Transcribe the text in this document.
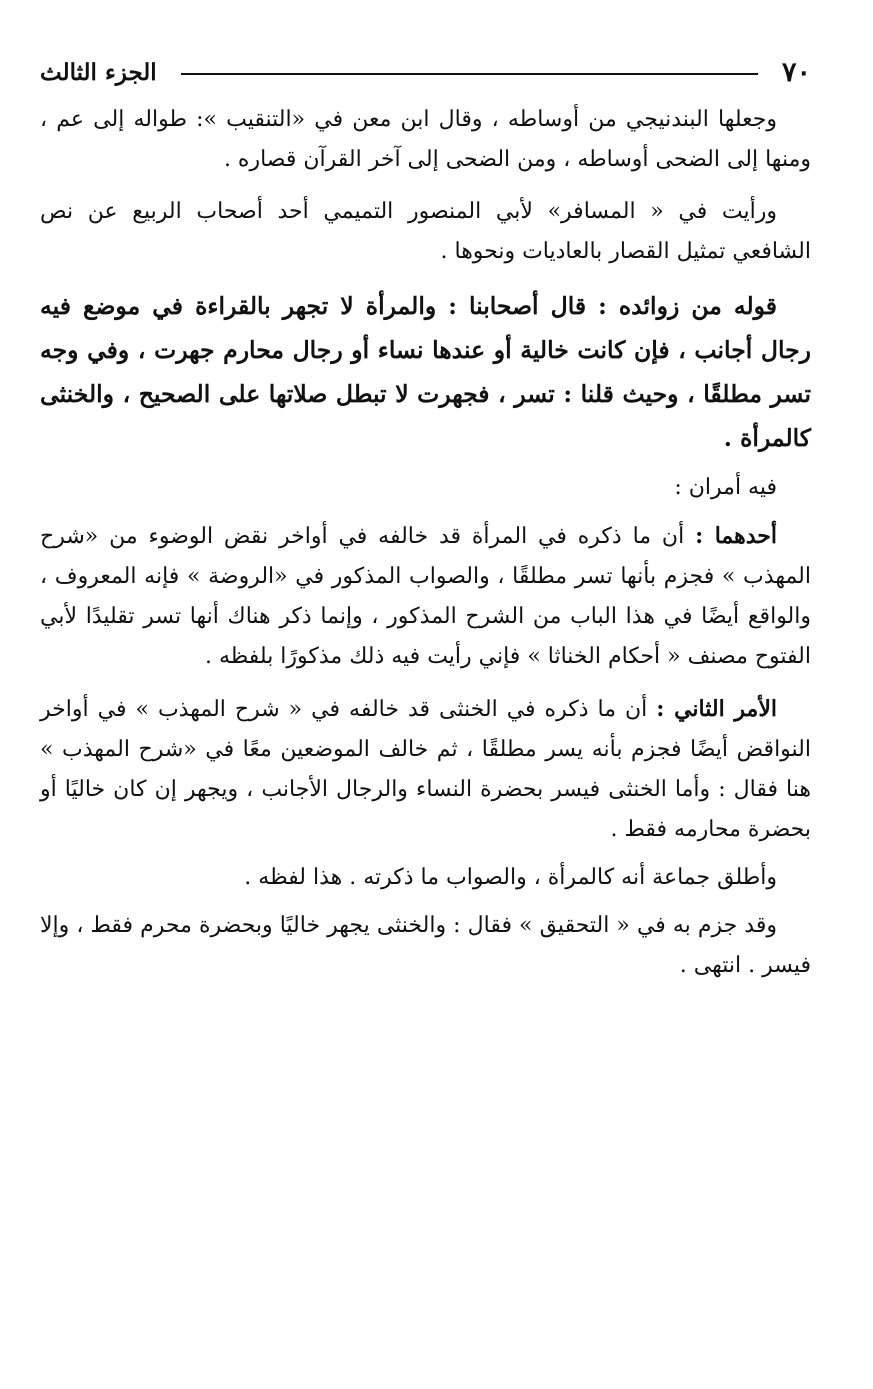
٧٠
الجزء الثالث

وجعلها البندنيجي من أوساطه ، وقال ابن معن في «التنقيب »: طواله إلى عم ، ومنها إلى الضحى أوساطه ، ومن الضحى إلى آخر القرآن قصاره .

ورأيت في « المسافر» لأبي المنصور التميمي أحد أصحاب الربيع عن نص الشافعي تمثيل القصار بالعاديات ونحوها .

قوله من زوائده : قال أصحابنا : والمرأة لا تجهر بالقراءة في موضع فيه رجال أجانب ، فإن كانت خالية أو عندها نساء أو رجال محارم جهرت ، وفي وجه تسر مطلقًا ، وحيث قلنا : تسر ، فجهرت لا تبطل صلاتها على الصحيح ، والخنثى كالمرأة .

فيه أمران :

أحدهما : أن ما ذكره في المرأة قد خالفه في أواخر نقض الوضوء من «شرح المهذب » فجزم بأنها تسر مطلقًا ، والصواب المذكور في «الروضة » فإنه المعروف ، والواقع أيضًا في هذا الباب من الشرح المذكور ، وإنما ذكر هناك أنها تسر تقليدًا لأبي الفتوح مصنف « أحكام الخناثا » فإني رأيت فيه ذلك مذكورًا بلفظه .

الأمر الثاني : أن ما ذكره في الخنثى قد خالفه في « شرح المهذب » في أواخر النواقض أيضًا فجزم بأنه يسر مطلقًا ، ثم خالف الموضعين معًا في «شرح المهذب » هنا فقال : وأما الخنثى فيسر بحضرة النساء والرجال الأجانب ، ويجهر إن كان خاليًا أو بحضرة محارمه فقط .

وأطلق جماعة أنه كالمرأة ، والصواب ما ذكرته . هذا لفظه .

وقد جزم به في « التحقيق » فقال : والخنثى يجهر خاليًا وبحضرة محرم فقط ، وإلا فيسر . انتهى .
